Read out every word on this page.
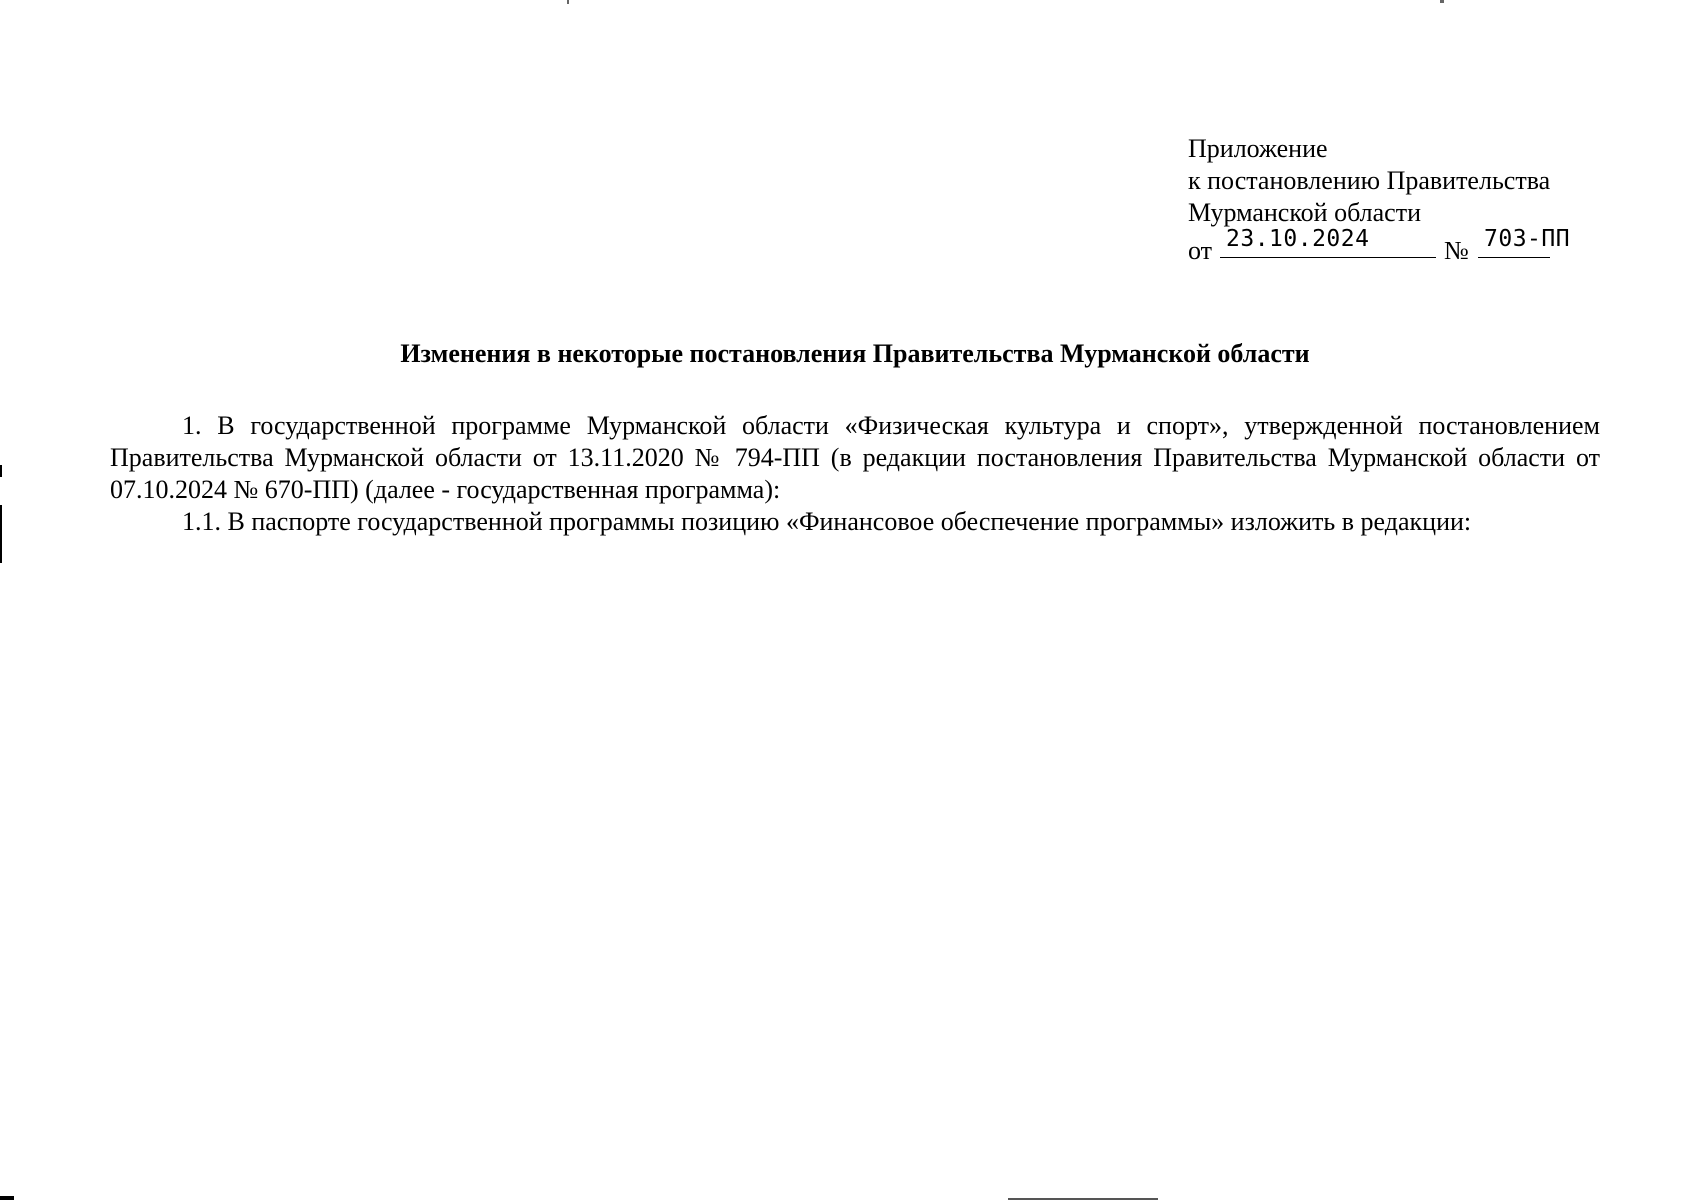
Приложение
к постановлению Правительства
Мурманской области
от 23.10.2024	№ 703-ПП
Изменения в некоторые постановления Правительства Мурманской области

1. В государственной программе Мурманской области «Физическая культура и спорт», утвержденной постановлением Правительства Мурманской области от 13.11.2020 № 794-ПП (в редакции постановления Правительства Мурманской области от 07.10.2024 № 670-ПП) (далее - государственная программа):

1.1. В паспорте государственной программы позицию «Финансовое обеспечение программы» изложить в редакции:
